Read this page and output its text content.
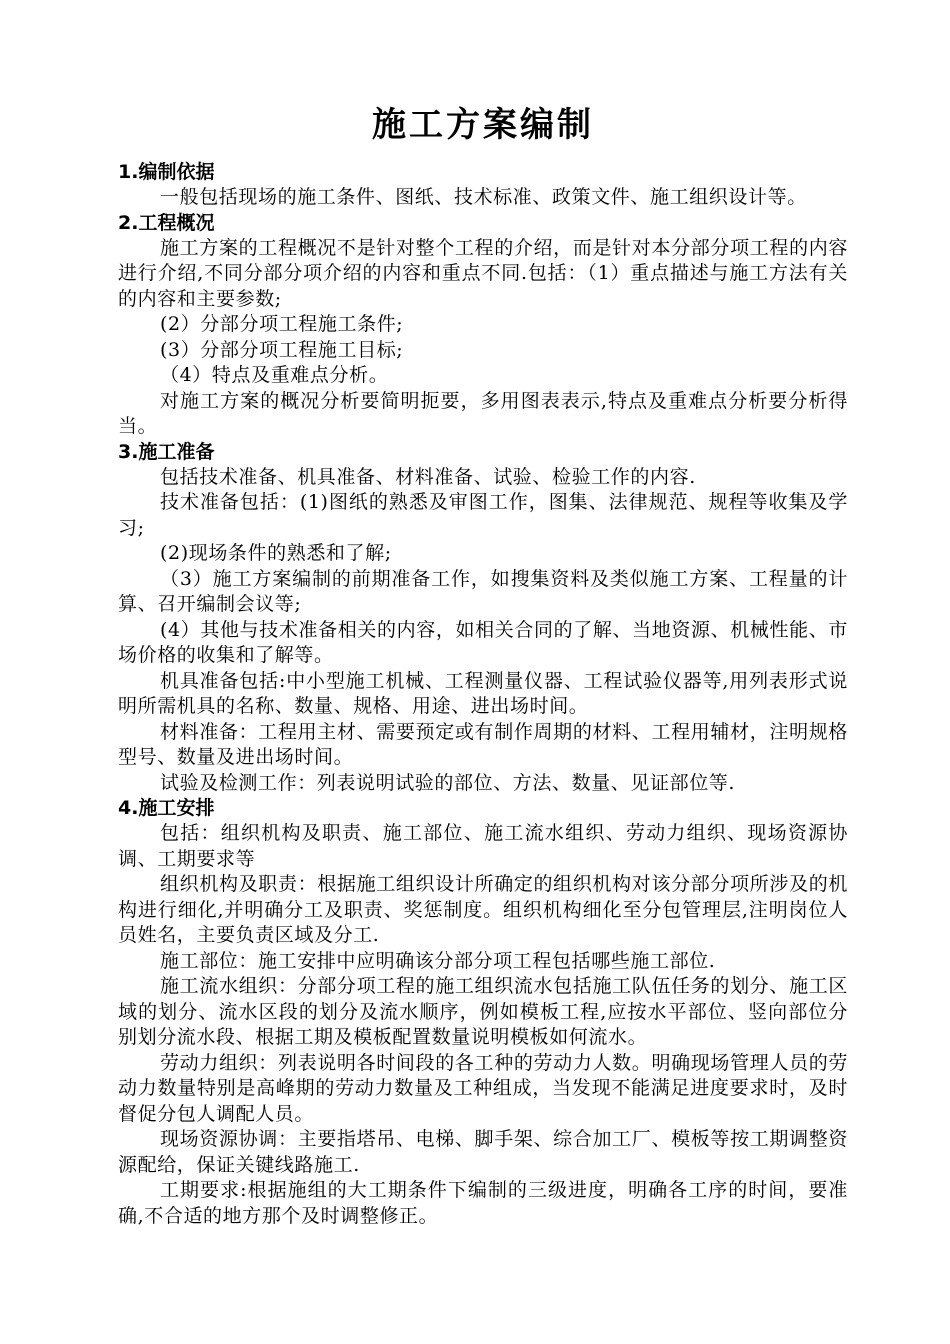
施工方案编制

1.编制依据

一般包括现场的施工条件、图纸、技术标准、政策文件、施工组织设计等。

2.工程概况

施工方案的工程概况不是针对整个工程的介绍，而是针对本分部分项工程的内容进行介绍,不同分部分项介绍的内容和重点不同.包括：（1）重点描述与施工方法有关的内容和主要参数;

(2）分部分项工程施工条件;

(3）分部分项工程施工目标;

（4）特点及重难点分析。

对施工方案的概况分析要简明扼要，多用图表表示,特点及重难点分析要分析得当。

3.施工准备

包括技术准备、机具准备、材料准备、试验、检验工作的内容.

技术准备包括：(1)图纸的熟悉及审图工作，图集、法律规范、规程等收集及学习;

(2)现场条件的熟悉和了解;

（3）施工方案编制的前期准备工作，如搜集资料及类似施工方案、工程量的计算、召开编制会议等;

(4）其他与技术准备相关的内容，如相关合同的了解、当地资源、机械性能、市场价格的收集和了解等。

机具准备包括:中小型施工机械、工程测量仪器、工程试验仪器等,用列表形式说明所需机具的名称、数量、规格、用途、进出场时间。

材料准备：工程用主材、需要预定或有制作周期的材料、工程用辅材，注明规格型号、数量及进出场时间。

试验及检测工作：列表说明试验的部位、方法、数量、见证部位等.

4.施工安排

包括：组织机构及职责、施工部位、施工流水组织、劳动力组织、现场资源协调、工期要求等

组织机构及职责：根据施工组织设计所确定的组织机构对该分部分项所涉及的机构进行细化,并明确分工及职责、奖惩制度。组织机构细化至分包管理层,注明岗位人员姓名，主要负责区域及分工.

施工部位：施工安排中应明确该分部分项工程包括哪些施工部位.

施工流水组织：分部分项工程的施工组织流水包括施工队伍任务的划分、施工区域的划分、流水区段的划分及流水顺序，例如模板工程,应按水平部位、竖向部位分别划分流水段、根据工期及模板配置数量说明模板如何流水。

劳动力组织：列表说明各时间段的各工种的劳动力人数。明确现场管理人员的劳动力数量特别是高峰期的劳动力数量及工种组成，当发现不能满足进度要求时，及时督促分包人调配人员。

现场资源协调：主要指塔吊、电梯、脚手架、综合加工厂、模板等按工期调整资源配给，保证关键线路施工.

工期要求:根据施组的大工期条件下编制的三级进度，明确各工序的时间，要准确,不合适的地方那个及时调整修正。
